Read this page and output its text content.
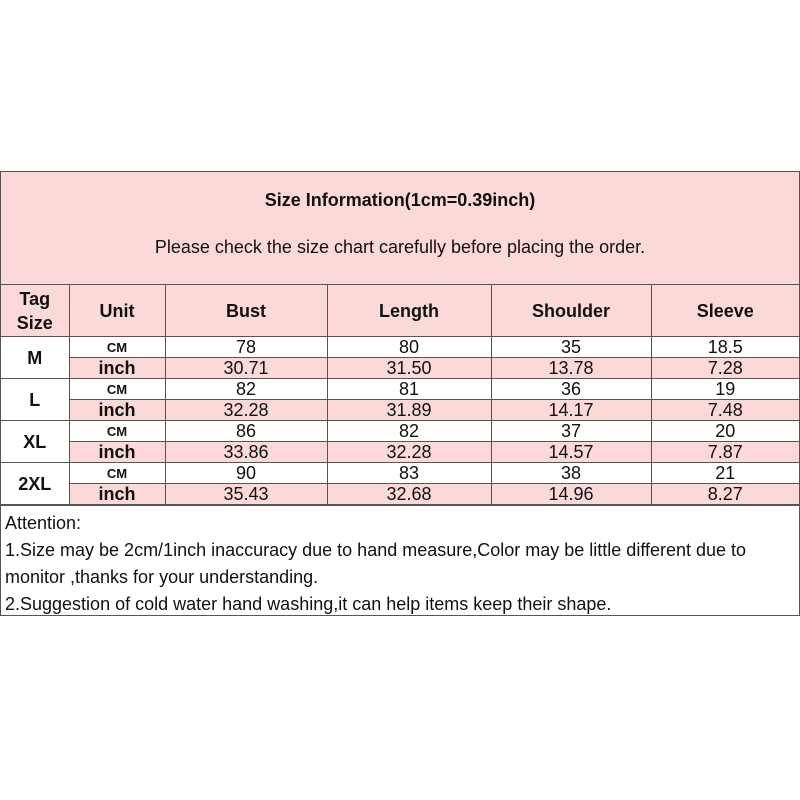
Size Information(1cm=0.39inch)
Please check the size chart carefully before placing the order.
Tag
Size	Unit	Bust	Length	Shoulder	Sleeve
M	CM	78	80	35	18.5
	inch	30.71	31.50	13.78	7.28
L	CM	82	81	36	19
	inch	32.28	31.89	14.17	7.48
XL	CM	86	82	37	20
	inch	33.86	32.28	14.57	7.87
2XL	CM	90	83	38	21
	inch	35.43	32.68	14.96	8.27
Attention:
1.Size may be 2cm/1inch inaccuracy due to hand measure,Color may be little different due to monitor ,thanks for your understanding.
2.Suggestion of cold water hand washing,it can help items keep their shape.
